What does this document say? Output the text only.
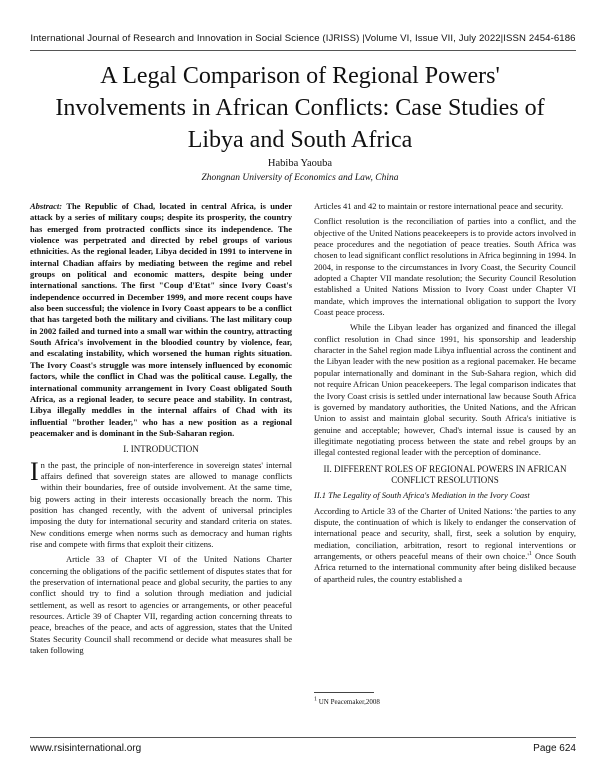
International Journal of Research and Innovation in Social Science (IJRISS) |Volume VI, Issue VII, July 2022|ISSN 2454-6186
A Legal Comparison of Regional Powers' Involvements in African Conflicts: Case Studies of Libya and South Africa
Habiba Yaouba
Zhongnan University of Economics and Law, China

Abstract: The Republic of Chad, located in central Africa, is under attack by a series of military coups; despite its prosperity, the country has emerged from protracted conflicts since its independence. The violence was perpetrated and directed by rebel groups of various ethnicities. As the regional leader, Libya decided in 1991 to intervene in internal Chadian affairs by mediating between the regime and rebel groups on political and economic matters, despite being under international sanctions. The first "Coup d'Etat" since Ivory Coast's independence occurred in December 1999, and more recent coups have also been successful; the violence in Ivory Coast appears to be a conflict that has targeted both the military and civilians. The last military coup in 2002 failed and turned into a small war within the country, attracting South Africa's involvement in the bloodied country by violence, fear, and escalating instability, which worsened the human rights situation. The Ivory Coast's struggle was more intensely influenced by economic factors, while the conflict in Chad was the political cause. Legally, the international community arrangement in Ivory Coast obligated South Africa, as a regional leader, to secure peace and stability. In contrast, Libya illegally meddles in the internal affairs of Chad with its influential "brother leader," who has a new position as a regional peacemaker and is dominant in the Sub-Saharan region.

I. INTRODUCTION

In the past, the principle of non-interference in sovereign states' internal affairs defined that sovereign states are allowed to manage conflicts within their boundaries, free of outside involvement. At the same time, big powers acting in their interests occasionally breach the norm. This position has changed recently, with the advent of universal principles imposing the duty for international security and standard criteria on states. New conditions emerge when norms such as democracy and human rights rise and compete with firms that exploit their citizens.

Article 33 of Chapter VI of the United Nations Charter concerning the obligations of the pacific settlement of disputes states that for the preservation of international peace and global security, the parties to any conflict should try to find a solution through mediation and judicial settlement, as well as resort to agencies or arrangements, or other peaceful resources. Article 39 of Chapter VII, regarding action concerning threats to peace, breaches of the peace, and acts of aggression, states that the United States Security Council shall recommend or decide what measures shall be taken following

Articles 41 and 42 to maintain or restore international peace and security.

Conflict resolution is the reconciliation of parties into a conflict, and the objective of the United Nations peacekeepers is to provide actors involved in peace procedures and the negotiation of peace treaties. South Africa was chosen to lead significant conflict resolutions in Africa beginning in 1994. In 2004, in response to the circumstances in Ivory Coast, the Security Council adopted a Chapter VII mandate resolution; the Security Council Resolution established a United Nations Mission to Ivory Coast under Chapter VI mandate, which improves the international obligation to support the Ivory Coast peace process.

While the Libyan leader has organized and financed the illegal conflict resolution in Chad since 1991, his sponsorship and leadership character in the Sahel region made Libya influential across the continent and the Libyan leader with the new position as a regional pacemaker. He became popular internationally and dominant in the Sub-Sahara region, which did not require African Union peacekeepers. The legal comparison indicates that the Ivory Coast crisis is settled under international law because South Africa is governed by mandatory authorities, the United Nations, and the African Union to assist and maintain global security. South Africa's initiative is genuine and acceptable; however, Chad's internal issue is caused by an illegitimate negotiating process between the state and rebel groups by an illegal contested regional leader with the perception of dominance.

II. DIFFERENT ROLES OF REGIONAL POWERS IN AFRICAN CONFLICT RESOLUTIONS

II.1 The Legality of South Africa's Mediation in the Ivory Coast

According to Article 33 of the Charter of United Nations: 'the parties to any dispute, the continuation of which is likely to endanger the conservation of international peace and security, shall, first, seek a solution by enquiry, mediation, conciliation, arbitration, resort to regional interventions or arrangements, or others peaceful means of their own $choice.'^1$ Once South Africa returned to the international community after being disliked because of apartheid rules, the country established a

$^1$ UN Peacemaker,2008
www.rsisinternational.org	Page 624
